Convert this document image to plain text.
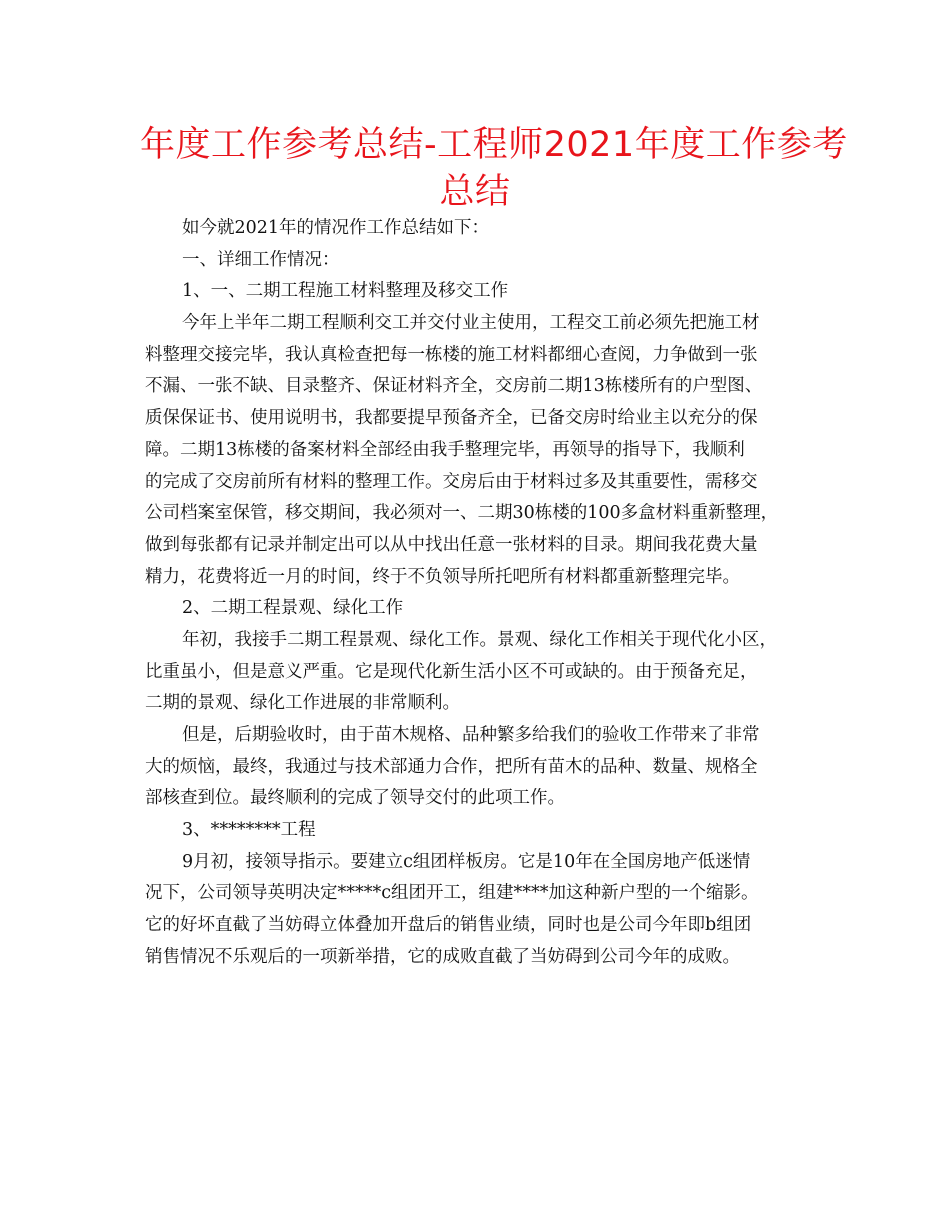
年度工作参考总结-工程师2021年度工作参考
总结
如今就2021年的情况作工作总结如下：
一、详细工作情况：
1、一、二期工程施工材料整理及移交工作
今年上半年二期工程顺利交工并交付业主使用，工程交工前必须先把施工材
料整理交接完毕，我认真检查把每一栋楼的施工材料都细心查阅，力争做到一张
不漏、一张不缺、目录整齐、保证材料齐全，交房前二期13栋楼所有的户型图、
质保保证书、使用说明书，我都要提早预备齐全，已备交房时给业主以充分的保
障。二期13栋楼的备案材料全部经由我手整理完毕，再领导的指导下，我顺利
的完成了交房前所有材料的整理工作。交房后由于材料过多及其重要性，需移交
公司档案室保管，移交期间，我必须对一、二期30栋楼的100多盒材料重新整理，
做到每张都有记录并制定出可以从中找出任意一张材料的目录。期间我花费大量
精力，花费将近一月的时间，终于不负领导所托吧所有材料都重新整理完毕。
2、二期工程景观、绿化工作
年初，我接手二期工程景观、绿化工作。景观、绿化工作相关于现代化小区，
比重虽小，但是意义严重。它是现代化新生活小区不可或缺的。由于预备充足，
二期的景观、绿化工作进展的非常顺利。
但是，后期验收时，由于苗木规格、品种繁多给我们的验收工作带来了非常
大的烦恼，最终，我通过与技术部通力合作，把所有苗木的品种、数量、规格全
部核查到位。最终顺利的完成了领导交付的此项工作。
3、********工程
9月初，接领导指示。要建立c组团样板房。它是10年在全国房地产低迷情
况下，公司领导英明决定*****c组团开工，组建****加这种新户型的一个缩影。
它的好坏直截了当妨碍立体叠加开盘后的销售业绩，同时也是公司今年即b组团
销售情况不乐观后的一项新举措，它的成败直截了当妨碍到公司今年的成败。
